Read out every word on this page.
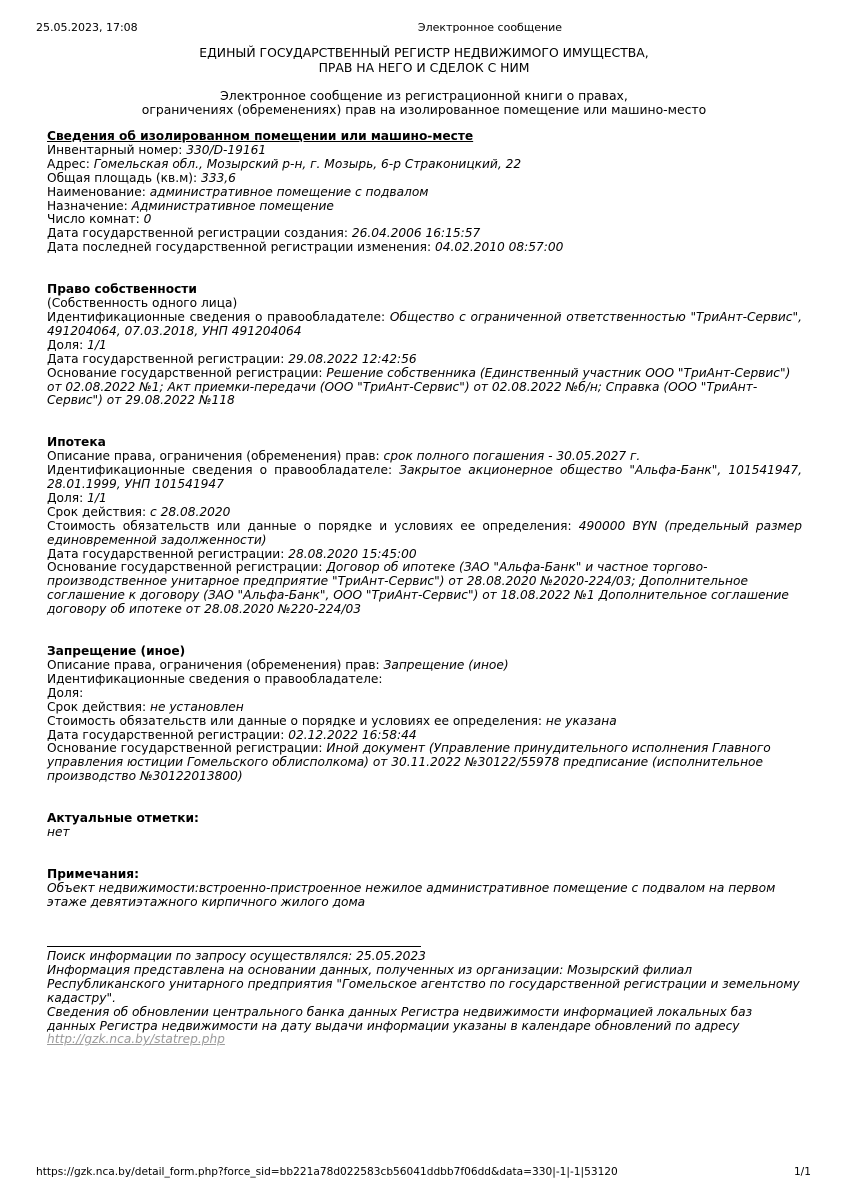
25.05.2023, 17:08	Электронное сообщение
ЕДИНЫЙ ГОСУДАРСТВЕННЫЙ РЕГИСТР НЕДВИЖИМОГО ИМУЩЕСТВА,
ПРАВ НА НЕГО И СДЕЛОК С НИМ
Электронное сообщение из регистрационной книги о правах,
ограничениях (обременениях) прав на изолированное помещение или машино-место

Сведения об изолированном помещении или машино-месте

Инвентарный номер: 330/D-19161

Адрес: Гомельская обл., Мозырский р-н, г. Мозырь, 6-р Страконицкий, 22

Общая площадь (кв.м): 333,6

Наименование: административное помещение с подвалом

Назначение: Административное помещение

Число комнат: 0

Дата государственной регистрации создания: 26.04.2006 16:15:57

Дата последней государственной регистрации изменения: 04.02.2010 08:57:00

Право собственности

(Собственность одного лица)

Идентификационные сведения о правообладателе: Общество с ограниченной ответственностью "ТриАнт-Сервис", 491204064, 07.03.2018, УНП 491204064

Доля: 1/1

Дата государственной регистрации: 29.08.2022 12:42:56

Основание государственной регистрации: Решение собственника (Единственный участник ООО "ТриАнт-Сервис") от 02.08.2022 №1; Акт приемки-передачи (ООО "ТриАнт-Сервис") от 02.08.2022 №б/н; Справка (ООО "ТриАнт-Сервис") от 29.08.2022 №118

Ипотека

Описание права, ограничения (обременения) прав: срок полного погашения - 30.05.2027 г.

Идентификационные сведения о правообладателе: Закрытое акционерное общество "Альфа-Банк", 101541947, 28.01.1999, УНП 101541947

Доля: 1/1

Срок действия: с 28.08.2020

Стоимость обязательств или данные о порядке и условиях ее определения: 490000 BYN (предельный размер единовременной задолженности)

Дата государственной регистрации: 28.08.2020 15:45:00

Основание государственной регистрации: Договор об ипотеке (ЗАО "Альфа-Банк" и частное торгово-производственное унитарное предприятие "ТриАнт-Сервис") от 28.08.2020 №2020-224/03; Дополнительное соглашение к договору (ЗАО "Альфа-Банк", ООО "ТриАнт-Сервис") от 18.08.2022 №1 Дополнительное соглашение договору об ипотеке от 28.08.2020 №220-224/03

Запрещение (иное)

Описание права, ограничения (обременения) прав: Запрещение (иное)

Идентификационные сведения о правообладателе:

Доля:

Срок действия: не установлен

Стоимость обязательств или данные о порядке и условиях ее определения: не указана

Дата государственной регистрации: 02.12.2022 16:58:44

Основание государственной регистрации: Иной документ (Управление принудительного исполнения Главного управления юстиции Гомельского облисполкома) от 30.11.2022 №30122/55978 предписание (исполнительное производство №30122013800)

Актуальные отметки:

нет

Примечания:

Объект недвижимости:встроенно-пристроенное нежилое административное помещение с подвалом на первом этаже девятиэтажного кирпичного жилого дома

Поиск информации по запросу осуществлялся: 25.05.2023

Информация представлена на основании данных, полученных из организации: Мозырский филиал Республиканского унитарного предприятия "Гомельское агентство по государственной регистрации и земельному кадастру".

Сведения об обновлении центрального банка данных Регистра недвижимости информацией локальных баз данных Регистра недвижимости на дату выдачи информации указаны в календаре обновлений по адресу

http://gzk.nca.by/statrep.php

https://gzk.nca.by/detail_form.php?force_sid=bb221a78d022583cb56041ddbb7f06dd&data=330|-1|-1|53120	1/1
